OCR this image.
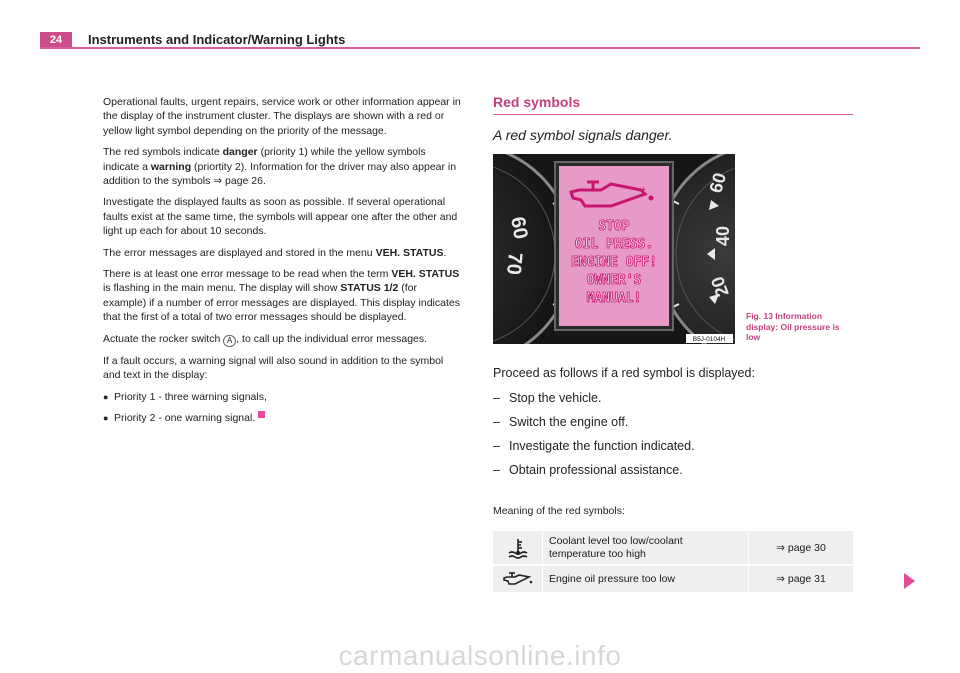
24	Instruments and Indicator/Warning Lights

Operational faults, urgent repairs, service work or other information appear in the display of the instrument cluster. The displays are shown with a red or yellow light symbol depending on the priority of the message.

The red symbols indicate danger (priority 1) while the yellow symbols indicate a warning (priortity 2). Information for the driver may also appear in addition to the symbols ⇒ page 26.

Investigate the displayed faults as soon as possible. If several operational faults exist at the same time, the symbols will appear one after the other and light up each for about 10 seconds.

The error messages are displayed and stored in the menu VEH. STATUS.

There is at least one error message to be read when the term VEH. STATUS is flashing in the main menu. The display will show STATUS 1/2 (for example) if a number of error messages are displayed. This display indicates that the first of a total of two error messages should be displayed.

Actuate the rocker switch A , to call up the individual error messages.

If a fault occurs, a warning signal will also sound in addition to the symbol and text in the display:

● Priority 1 - three warning signals,
● Priority 2 - one warning signal.
Red symbols
A red symbol signals danger.
60
70
60
40
20
+
STOP
OIL PRESS.
ENGINE OFF!
OWNER'S
MANUAL!
B5J-0104H
Fig. 13 Information
display: Oil pressure is
low
Proceed as follows if a red symbol is displayed:
– Stop the vehicle.
– Switch the engine off.
– Investigate the function indicated.
– Obtain professional assistance.
Meaning of the red symbols:
Coolant level too low/coolant temperature too high	⇒ page 30
Engine oil pressure too low	⇒ page 31
carmanualsonline.info
